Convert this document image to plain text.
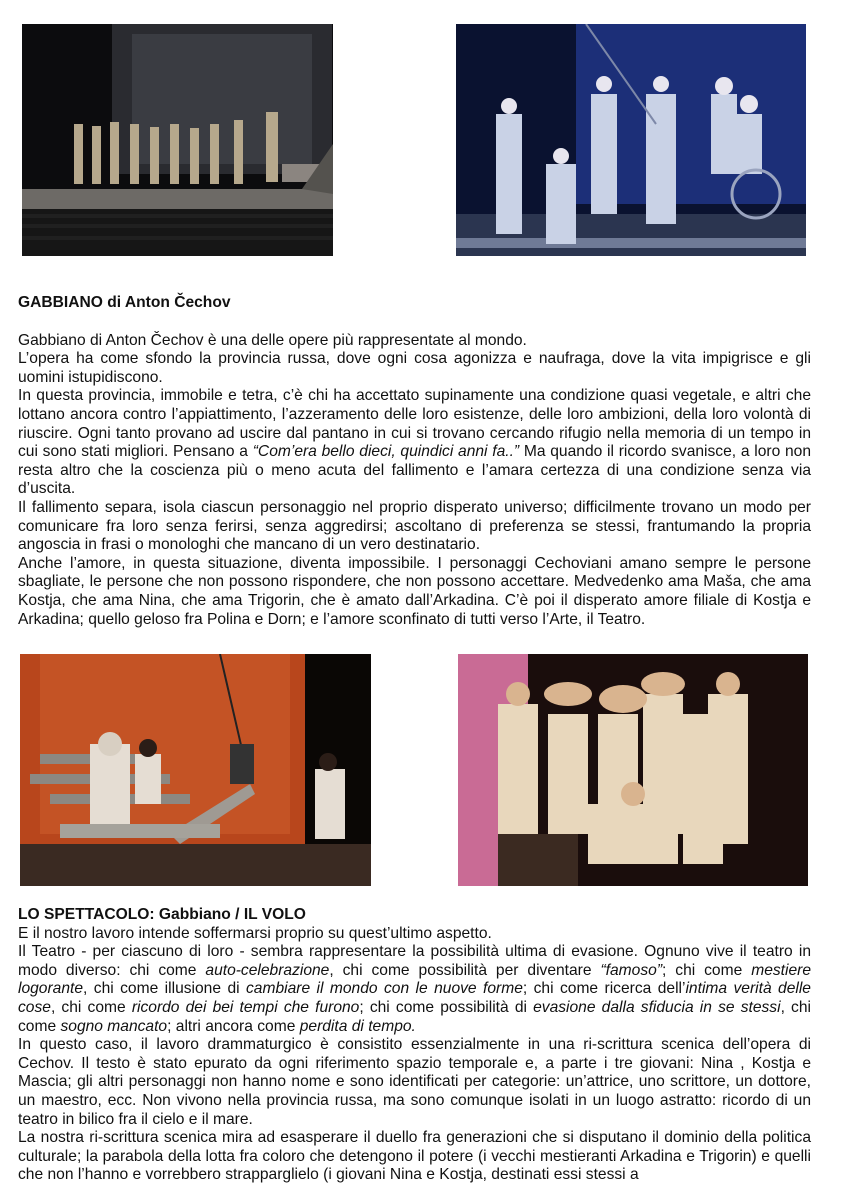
GABBIANO di Anton Čechov

Gabbiano di Anton Čechov è una delle opere più rappresentate al mondo.

L’opera ha come sfondo la provincia russa, dove ogni cosa agonizza e naufraga, dove la vita impigrisce e gli uomini istupidiscono.

In questa provincia, immobile e tetra, c’è chi ha accettato supinamente una condizione quasi vegetale, e altri che lottano ancora contro l’appiattimento, l’azzeramento delle loro esistenze, delle loro ambizioni, della loro volontà di riuscire. Ogni tanto provano ad uscire dal pantano in cui si trovano cercando rifugio nella memoria di un tempo in cui sono stati migliori. Pensano a “Com’era bello dieci, quindici anni fa..” Ma quando il ricordo svanisce, a loro non resta altro che la coscienza più o meno acuta del fallimento e l’amara certezza di una condizione senza via d’uscita.

Il fallimento separa, isola ciascun personaggio nel proprio disperato universo; difficilmente trovano un modo per comunicare fra loro senza ferirsi, senza aggredirsi; ascoltano di preferenza se stessi, frantumando la propria angoscia in frasi o monologhi che mancano di un vero destinatario.

Anche l’amore, in questa situazione, diventa impossibile. I personaggi Cechoviani amano sempre le persone sbagliate, le persone che non possono rispondere, che non possono accettare. Medvedenko ama Maša, che ama Kostja, che ama Nina, che ama Trigorin, che è amato dall’Arkadina. C’è poi il disperato amore filiale di Kostja e Arkadina; quello geloso fra Polina e Dorn; e l’amore sconfinato di tutti verso l’Arte, il Teatro.

LO SPETTACOLO: Gabbiano / IL VOLO

E il nostro lavoro intende soffermarsi proprio su quest’ultimo aspetto.

Il Teatro - per ciascuno di loro - sembra rappresentare la possibilità ultima di evasione. Ognuno vive il teatro in modo diverso: chi come auto-celebrazione, chi come possibilità per diventare “famoso”; chi come mestiere logorante, chi come illusione di cambiare il mondo con le nuove forme; chi come ricerca dell’intima verità delle cose, chi come ricordo dei bei tempi che furono; chi come possibilità di evasione dalla sfiducia in se stessi, chi come sogno mancato; altri ancora come perdita di tempo.

In questo caso, il lavoro drammaturgico è consistito essenzialmente in una ri-scrittura scenica dell’opera di Cechov. Il testo è stato epurato da ogni riferimento spazio temporale e, a parte i tre giovani: Nina , Kostja e Mascia; gli altri personaggi non hanno nome e sono identificati per categorie: un’attrice, uno scrittore, un dottore, un maestro, ecc. Non vivono nella provincia russa, ma sono comunque isolati in un luogo astratto: ricordo di un teatro in bilico fra il cielo e il mare.

La nostra ri-scrittura scenica mira ad esasperare il duello fra generazioni che si disputano il dominio della politica culturale; la parabola della lotta fra coloro che detengono il potere (i vecchi mestieranti Arkadina e Trigorin) e quelli che non l’hanno e vorrebbero strapparglielo (i giovani Nina e Kostja, destinati essi stessi a
